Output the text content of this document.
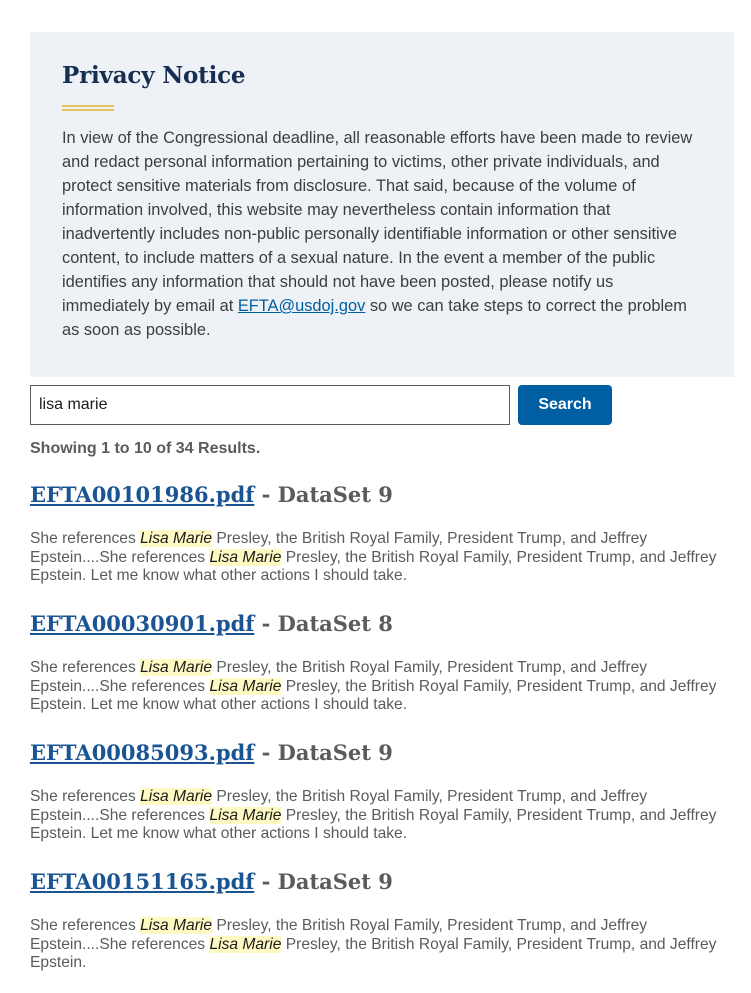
Privacy Notice

In view of the Congressional deadline, all reasonable efforts have been made to review and redact personal information pertaining to victims, other private individuals, and protect sensitive materials from disclosure. That said, because of the volume of information involved, this website may nevertheless contain information that inadvertently includes non-public personally identifiable information or other sensitive content, to include matters of a sexual nature. In the event a member of the public identifies any information that should not have been posted, please notify us immediately by email at EFTA@usdoj.gov so we can take steps to correct the problem as soon as possible.

lisa marie
Search
Showing 1 to 10 of 34 Results.
EFTA00101986.pdf - DataSet 9

She references Lisa Marie Presley, the British Royal Family, President Trump, and Jeffrey Epstein....She references Lisa Marie Presley, the British Royal Family, President Trump, and Jeffrey Epstein. Let me know what other actions I should take.

EFTA00030901.pdf - DataSet 8

She references Lisa Marie Presley, the British Royal Family, President Trump, and Jeffrey Epstein....She references Lisa Marie Presley, the British Royal Family, President Trump, and Jeffrey Epstein. Let me know what other actions I should take.

EFTA00085093.pdf - DataSet 9

She references Lisa Marie Presley, the British Royal Family, President Trump, and Jeffrey Epstein....She references Lisa Marie Presley, the British Royal Family, President Trump, and Jeffrey Epstein. Let me know what other actions I should take.

EFTA00151165.pdf - DataSet 9

She references Lisa Marie Presley, the British Royal Family, President Trump, and Jeffrey Epstein....She references Lisa Marie Presley, the British Royal Family, President Trump, and Jeffrey Epstein.
